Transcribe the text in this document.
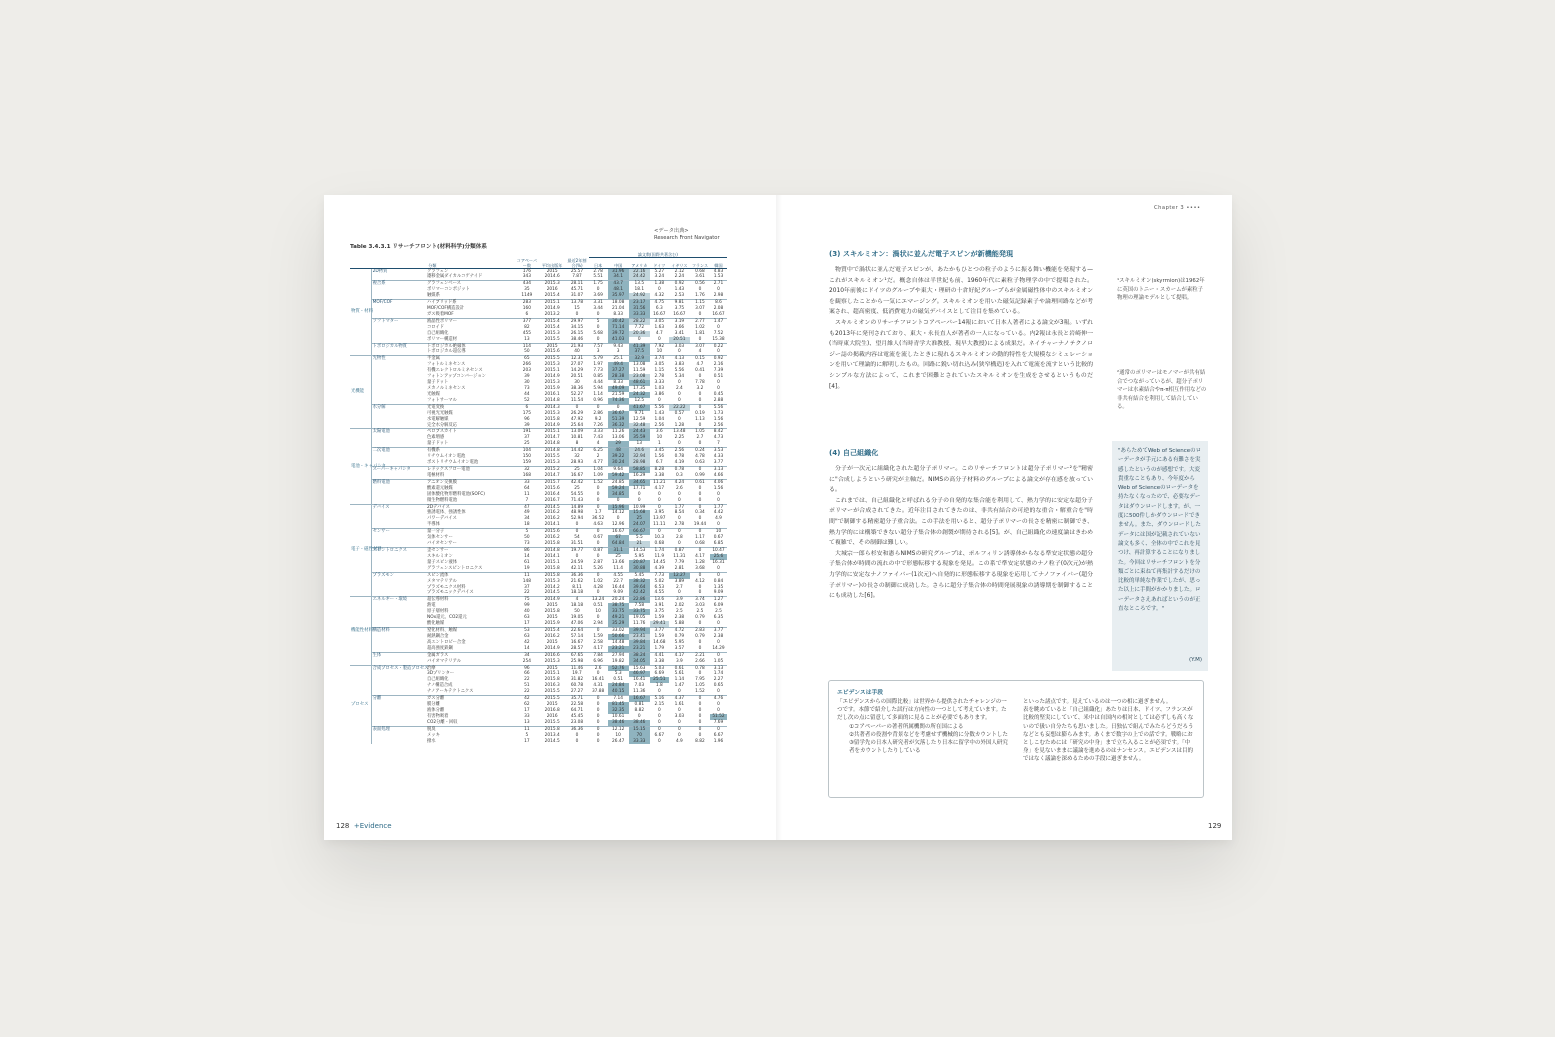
<データ出典>
Research Front Navigator
Table 3.4.3.1 リサーチフロント(材料科学)分類体系
						論文数(国際共著含む)						
分類			コアペーパー数	平均出版年	最近2年割合(%)	日本	中国	アメリカ	ドイツ	イギリス	フランス	韓国
物質・材料	2D物質	グラフェン	176	2015	25.57	2.78	31.96	22.16	5.27	2.12	0.68	4.83
		遷移金属ダイカルコゲナイド	343	2014.6	7.87	5.51	34.1	24.42	3.24	2.24	3.61	1.53
	複合系	グラフェンベース	434	2015.3	28.11	1.75	43.7	13.5	1.38	0.92	0.56	2.71
		ポリマーコンポジット	35	2016	45.71	0	48.1	18.1	0	1.43	0	0
		触媒系	1149	2015.4	31.07	3.69	35.97	24.92	4.32	2.53	1.76	2.98
	MOF/COF	ハイブリッド系	283	2015.1	13.78	3.31	18.08	23.17	4.75	9.81	1.15	8.6
		MOF/COF構造設計	160	2014.9	15	3.44	21.04	31.56	6.3	3.75	3.07	2.08
		ガス吸着MOF	6	2013.2	0	0	8.33	33.33	16.67	16.67	0	16.67
	ソフトマター	液晶性ポリマー	377	2015.4	29.97	5	30.42	28.22	3.05	3.19	2.77	1.47
		コロイド	82	2015.4	34.15	0	71.14	7.72	1.63	3.66	1.02	0
		自己組織化	455	2015.3	26.15	5.68	39.72	20.36	4.7	3.41	1.81	7.52
		ポリマー構造材	13	2015.5	38.46	0	41.03	0	0	20.51	0	15.38
	トポロジカル物質	トポロジカル絶縁体	114	2015	21.93	7.57	9.43	41.39	7.92	3.03	3.07	0.22
		トポロジカル超伝導	50	2015.6	40	3	3	37.5	10	0	4	0
光機能	光物性	半金属	65	2015.5	12.31	5.79	25.1	32.9	3.74	4.13	0.15	0.92
		フォトルミネセンス	266	2015.3	27.07	1.97	49.4	13.08	3.05	3.83	4.7	2.16
		有機エレクトロルミネセンス	203	2015.1	14.29	7.73	37.27	11.59	1.15	5.56	0.41	7.39
		フォトンアップコンバージョン	39	2014.9	20.51	0.85	28.38	23.08	2.78	5.34	0	0.51
		量子ドット	30	2015.3	30	4.44	8.33	48.61	3.33	0	7.78	0
		メカノルミネセンス	73	2015.9	38.36	5.94	49.09	17.35	1.03	2.4	3.2	0
		光触媒	44	2016.1	52.27	1.14	21.59	24.32	3.86	0	0	0.45
		フォトサーマル	52	2014.8	11.54	0.96	74.36	12.5	0	0	0	2.88
	水分解	光電変換	6	2014.3	0	0	0	41.67	5.56	22.22	0	5.56
		可視光光触媒	175	2015.3	26.29	2.86	36.67	9.71	1.43	0.57	0.19	1.73
		水電解触媒	96	2015.8	47.92	9.2	51.39	12.59	1.04	0	1.13	1.56
		完全水分解反応	39	2014.9	25.64	7.26	36.32	32.48	2.56	1.28	0	2.56
電池・キャパシタ	太陽電池	ペロブスカイト	191	2015.1	13.09	3.33	11.26	24.43	3.6	13.48	1.05	8.42
		色素増感	37	2014.7	10.81	7.43	13.06	35.59	10	2.25	2.7	4.73
		量子ドット	25	2014.8	8	4	29	13	1	0	0	7
	二次電池	有機系	104	2014.8	14.42	6.25	48	24.6	3.45	2.56	0.24	3.53
		リチウムイオン電池	150	2015.5	32	2	39.22	32.94	1.56	0.78	4.78	4.33
		ポストリチウムイオン電池	159	2015.3	28.93	4.77	30.24	28.98	6.7	4.19	0.63	3.77
	スーパーキャパシタ	レドックスフロー電池	32	2015.2	25	1.04	9.64	58.85	8.28	0.78	0	3.13
		電極材料	168	2014.7	16.67	1.09	59.42	16.29	3.38	0.3	0.99	4.66
	燃料電池	アニオン交換膜	33	2015.7	42.42	1.52	24.85	34.65	11.21	4.24	0.61	4.06
		酸素還元触媒	64	2015.6	25	0	59.24	17.71	4.17	2.6	0	1.56
		固体酸化物形燃料電池(SOFC)	11	2016.4	54.55	0	34.85	0	0	0	0	0
		微生物燃料電池	7	2016.7	71.43	0	0	0	0	0	0	0
電子・磁性材料	デバイス	2Dデバイス	47	2014.5	14.89	0	15.96	10.99	0	1.77	0	1.77
		強誘電体、強誘性体	49	2016.2	48.98	1.7	14.12	15.68	3.95	8.54	0.34	4.42
		パワーデバイス	34	2016.2	52.94	36.52	0	25	13.97	0	0	4.9
		半導体	18	2014.1	0	4.63	12.96	24.07	11.11	2.78	19.44	0
	センサー	量一分子	5	2015.6	0	0	16.67	66.67	0	0	0	10
		気体センサー	50	2016.2	54	0.67	67	5.5	10.3	2.8	1.17	0.67
		バイオセンサー	73	2015.8	31.51	0	64.84	21	0.68	0	0.68	6.85
	スピントロニクス	歪センサー	86	2014.8	19.77	0.87	31.1	14.53	1.74	0.87	0	10.47
		スキルミオン	14	2014.1	0	0	25	5.95	11.9	11.31	4.17	25.6
		量子スピン液体	61	2015.1	24.59	2.87	13.66	20.87	14.45	7.79	1.28	16.31
		グラフェンスピントロニクス	19	2015.8	42.11	5.26	11.4	30.88	4.39	2.81	3.68	0
	プラズモン	スピン流体	11	2015.8	36.36	0	4.55	5.45	7.73	12.27	0	0
		メタマテリアル	148	2015.3	21.62	1.02	22.7	38.32	5.02	3.89	4.12	0.84
		プラズモニクス材料	37	2014.2	8.11	4.28	16.44	39.64	6.53	2.7	0	1.35
		プラズモニックデバイス	22	2014.5	18.18	0	9.09	42.42	4.55	0	0	9.09
機能性材料	エネルギー・環境	超伝導材料	75	2014.9	4	13.24	20.24	22.86	13.6	3.9	3.74	1.27
		熱電	99	2015	18.18	0.51	38.75	7.58	3.91	2.02	3.03	6.09
		原子層材料	40	2015.8	50	10	33.75	33.75	3.75	2.5	2.5	2.5
		NOx還元、CO2還元	63	2015	19.05	0	49.21	19.05	1.59	2.38	0.79	6.35
		酸化触媒	17	2015.9	47.06	2.94	35.29	11.76	29.41	5.88	0	0
	構造材料	窒化材料、触媒	53	2015.4	22.64	0	33.02	39.94	3.77	4.72	2.83	3.77
		耐熱鋼合金	63	2016.2	57.14	1.59	50.66	23.41	1.59	0.79	0.79	2.38
		高エントロピー合金	42	2015	16.67	2.58	14.48	39.84	14.68	5.95	0	0
		超高強度鉄鋼	14	2014.9	28.57	4.17	23.21	23.21	1.79	3.57	0	14.29
	生体	金属ガラス	34	2016.6	67.65	7.84	27.94	38.24	4.41	4.17	2.21	0
		バイオマテリアル	254	2015.3	25.98	6.96	19.82	34.05	3.38	3.9	2.66	1.05
プロセス	合成プロセス・製造プロセス	治療	96	2015	11.46	2.6	52.76	15.63	5.03	0.61	0.78	3.13
		3Dプリンター	66	2015.1	19.7	0	5.3	46.97	6.69	5.61	0	1.74
		自己組織化	22	2015.8	31.82	16.41	0.51	16.41	25.51	1.14	7.95	2.27
		ナノ構造合成	51	2016.3	60.78	4.31	24.84	7.03	1.8	1.47	1.05	0.65
		ナノアーキテクトニクス	22	2015.5	27.27	37.88	40.15	11.36	0	0	1.52	0
	分離	ガス分離	42	2015.5	35.71	0	7.14	16.67	5.16	4.37	0	4.76
		膜分離	62	2015	22.58	0	81.45	0.81	2.15	1.61	0	0
		液体分離	17	2016.8	64.71	0	32.35	8.82	0	0	0	0
		有害物吸着	33	2016	45.45	0	10.61	0	0	3.03	0	51.52
		CO2分離・回収	13	2015.5	23.08	0	38.46	38.46	0	0	0	7.69
	表面処理	脱臭	11	2015.8	36.36	0	12.12	15.15	0	0	0	0
		メッキ	5	2013.4	0	0	10	70	6.67	0	0	6.67
		撥水	17	2014.5	0	0	26.47	33.33	0	4.9	8.82	1.96
128 +Evidence
Chapter 3 ••••
(3) スキルミオン：渦状に並んだ電子スピンが新機能発現

物質中で渦状に並んだ電子スピンが、あたかもひとつの粒子のように振る舞い機能を発現する—これがスキルミオン¹だ。概念自体は半世紀も前、1960年代に素粒子物理学の中で提唱された。2010年前後にドイツのグループや東大・理研の十倉好紀グループらが金属磁性体中のスキルミオンを観察したことから一気にエマージング。スキルミオンを用いた磁気記録素子や論理回路などが考案され、超高密度、低消費電力の磁気デバイスとして注目を集めている。

スキルミオンのリサーチフロントコアペーパー14報において日本人著者による論文が3報。いずれも2013年に発刊されており、東大・永長直人が著者の一人になっている。内2報は永長と岩崎伸一(当時東大院生)、望月維人(当時青学大准教授、現早大教授)による成果だ。ネイチャーナノテクノロジー誌の掲載内容は電流を流したときに現れるスキルミオンの動的特性を大規模なシミュレーションを用いて理論的に解明したもの。回路に鋭い切れ込み(狭窄構造)を入れて電流を流すという比較的シンプルな方法によって、これまで困難とされていたスキルミオンを生成をさせるというものだ[4]。

(4) 自己組織化

分子が一次元に組織化された超分子ポリマー。このリサーチフロントは超分子ポリマー²を"精密に"合成しようという研究が主軸だ。NIMSの高分子材料のグループによる論文が存在感を放っている。

これまでは、自己組織化と呼ばれる分子の自発的な集合能を利用して、熱力学的に安定な超分子ポリマーが合成されてきた。近年注目されてきたのは、非共有結合の可逆的な重合・解重合を"時間"で制御する精密超分子重合法。この手法を用いると、超分子ポリマーの長さを精密に制御でき、熱力学的には構築できない超分子集合体の創製が期待される[5]。が、自己組織化の速度論はきわめて複雑で、その制御は難しい。

大城宗一郎ら杉安和憲らNIMSの研究グループは、ポルフィリン誘導体からなる準安定状態の超分子集合体が時間の流れの中で形態転移する現象を発見。この系で準安定状態のナノ粒子(0次元)が熱力学的に安定なナノファイバー(1次元)へ自発的に形態転移する現象を応用してナノファイバー(超分子ポリマー)の長さの制御に成功した。さらに超分子集合体の時間発展現象の誘導期を制御することにも成功した[6]。

¹スキルミオン(skyrmion)は1962年に英国のトニー・スカームが素粒子物理の理論モデルとして提唱。
²通常のポリマーはモノマーが共有結合でつながっているが、超分子ポリマーは水素結合やπ-π相互作用などの非共有結合を利用して結合している。
"あらためてWeb of Scienceのローデータが手元にある有難さを実感したというのが感想です。大変貴重なこともあり、今年度からWeb of Scienceのローデータを持たなくなったので、必要なデータはダウンロードします。が、一度に500件しかダウンロードできません。また、ダウンロードしたデータには国が記載されていない論文も多く、全体の中でこれを見つけ、再計算することになりました。今回はリサーチフロントを分類ごとに束ねて再集計するだけの比較的単純な作業でしたが、思った以上に手間がかかりました。ローデータさえあればというのが正直なところです。"
(Y.M)
エビデンスは手段

「エビデンスからの国際比較」は世界から提供されたチャレンジの一つです。本節で紹介した試行は方向性の一つとして考えています。ただし次の点に留意して多面的に見ることが必要でもあります。

①コアペーパーの著者所属機関の所在国による

②共著者の役割や背景などを考慮せず機械的に分数カウントした

③留学先の日本人研究者が欠落したり日本に留学中の外国人研究者をカウントしたりしている

といった諸点です。見えているのは一つの相に過ぎません。

表を眺めていると「自己組織化」あたりは日本、ドイツ、フランスが比較的堅実にしていて、米中は自国内の相対としては必ずしも高くないので扱い自分たちも思いました。日独仏で組んでみたらどうだろうなどとも妄想は膨らみます。あくまで数字の上での話です。戦略におとしこむためには「研究の中身」まで立ち入ることが必須です。「中身」を見ないままに議論を進めるのはナンセンス。エビデンスは目的ではなく議論を深めるための手段に過ぎません。

129
